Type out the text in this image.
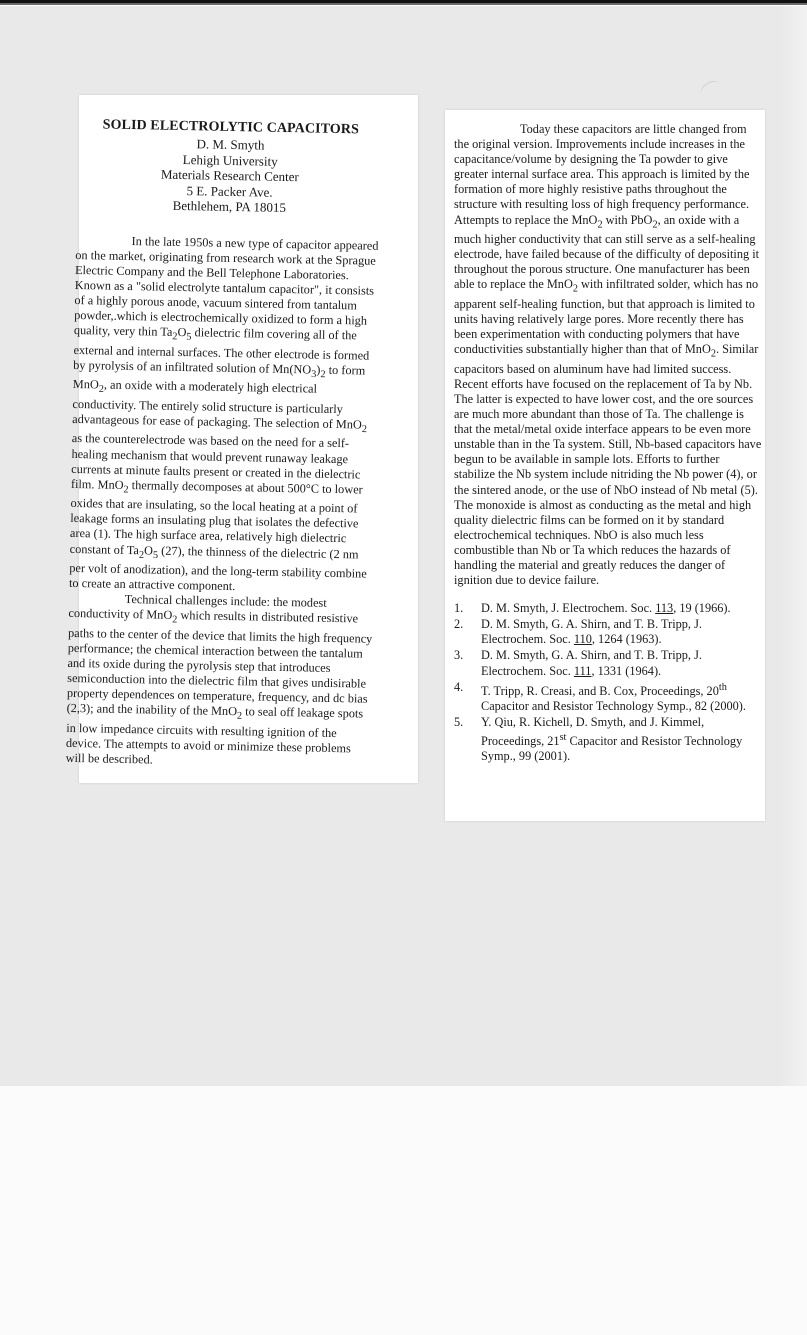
SOLID ELECTROLYTIC CAPACITORS
D. M. Smyth
Lehigh University
Materials Research Center
5 E. Packer Ave.
Bethlehem, PA 18015

In the late 1950s a new type of capacitor appeared on the market, originating from research work at the Sprague Electric Company and the Bell Telephone Laboratories. Known as a "solid electrolyte tantalum capacitor", it consists of a highly porous anode, vacuum sintered from tantalum powder,.which is electrochemically oxidized to form a high quality, very thin $Ta_2O_5$ dielectric film covering all of the external and internal surfaces. The other electrode is formed by pyrolysis of an infiltrated solution of $Mn(NO_3)_2$ to form MnO$_2$, an oxide with a moderately high electrical conductivity. The entirely solid structure is particularly advantageous for ease of packaging. The selection of MnO$_2$ as the counterelectrode was based on the need for a self-healing mechanism that would prevent runaway leakage currents at minute faults present or created in the dielectric film. MnO$_2$ thermally decomposes at about 500°C to lower oxides that are insulating, so the local heating at a point of leakage forms an insulating plug that isolates the defective area (1). The high surface area, relatively high dielectric constant of $Ta_2O_5$ (27), the thinness of the dielectric (2 nm per volt of anodization), and the long-term stability combine to create an attractive component.

Technical challenges include: the modest conductivity of MnO$_2$ which results in distributed resistive paths to the center of the device that limits the high frequency performance; the chemical interaction between the tantalum and its oxide during the pyrolysis step that introduces semiconduction into the dielectric film that gives undisirable property dependences on temperature, frequency, and dc bias (2,3); and the inability of the MnO$_2$ to seal off leakage spots in low impedance circuits with resulting ignition of the device. The attempts to avoid or minimize these problems will be described.

Today these capacitors are little changed from the original version. Improvements include increases in the capacitance/volume by designing the Ta powder to give greater internal surface area. This approach is limited by the formation of more highly resistive paths throughout the structure with resulting loss of high frequency performance. Attempts to replace the MnO$_2$ with PbO$_2$, an oxide with a much higher conductivity that can still serve as a self-healing electrode, have failed because of the difficulty of depositing it throughout the porous structure. One manufacturer has been able to replace the MnO$_2$ with infiltrated solder, which has no apparent self-healing function, but that approach is limited to units having relatively large pores. More recently there has been experimentation with conducting polymers that have conductivities substantially higher than that of MnO$_2$. Similar capacitors based on aluminum have had limited success. Recent efforts have focused on the replacement of Ta by Nb. The latter is expected to have lower cost, and the ore sources are much more abundant than those of Ta. The challenge is that the metal/metal oxide interface appears to be even more unstable than in the Ta system. Still, Nb-based capacitors have begun to be available in sample lots. Efforts to further stabilize the Nb system include nitriding the Nb power (4), or the sintered anode, or the use of NbO instead of Nb metal (5). The monoxide is almost as conducting as the metal and high quality dielectric films can be formed on it by standard electrochemical techniques. NbO is also much less combustible than Nb or Ta which reduces the hazards of handling the material and greatly reduces the danger of ignition due to device failure.

1.	D. M. Smyth, J. Electrochem. Soc. 113, 19 (1966).
2.	D. M. Smyth, G. A. Shirn, and T. B. Tripp, J. Electrochem. Soc. 110, 1264 (1963).
3.	D. M. Smyth, G. A. Shirn, and T. B. Tripp, J. Electrochem. Soc. 111, 1331 (1964).
4.	T. Tripp, R. Creasi, and B. Cox, Proceedings, 20th Capacitor and Resistor Technology Symp., 82 (2000).
5.	Y. Qiu, R. Kichell, D. Smyth, and J. Kimmel, Proceedings, 21st Capacitor and Resistor Technology Symp., 99 (2001).
